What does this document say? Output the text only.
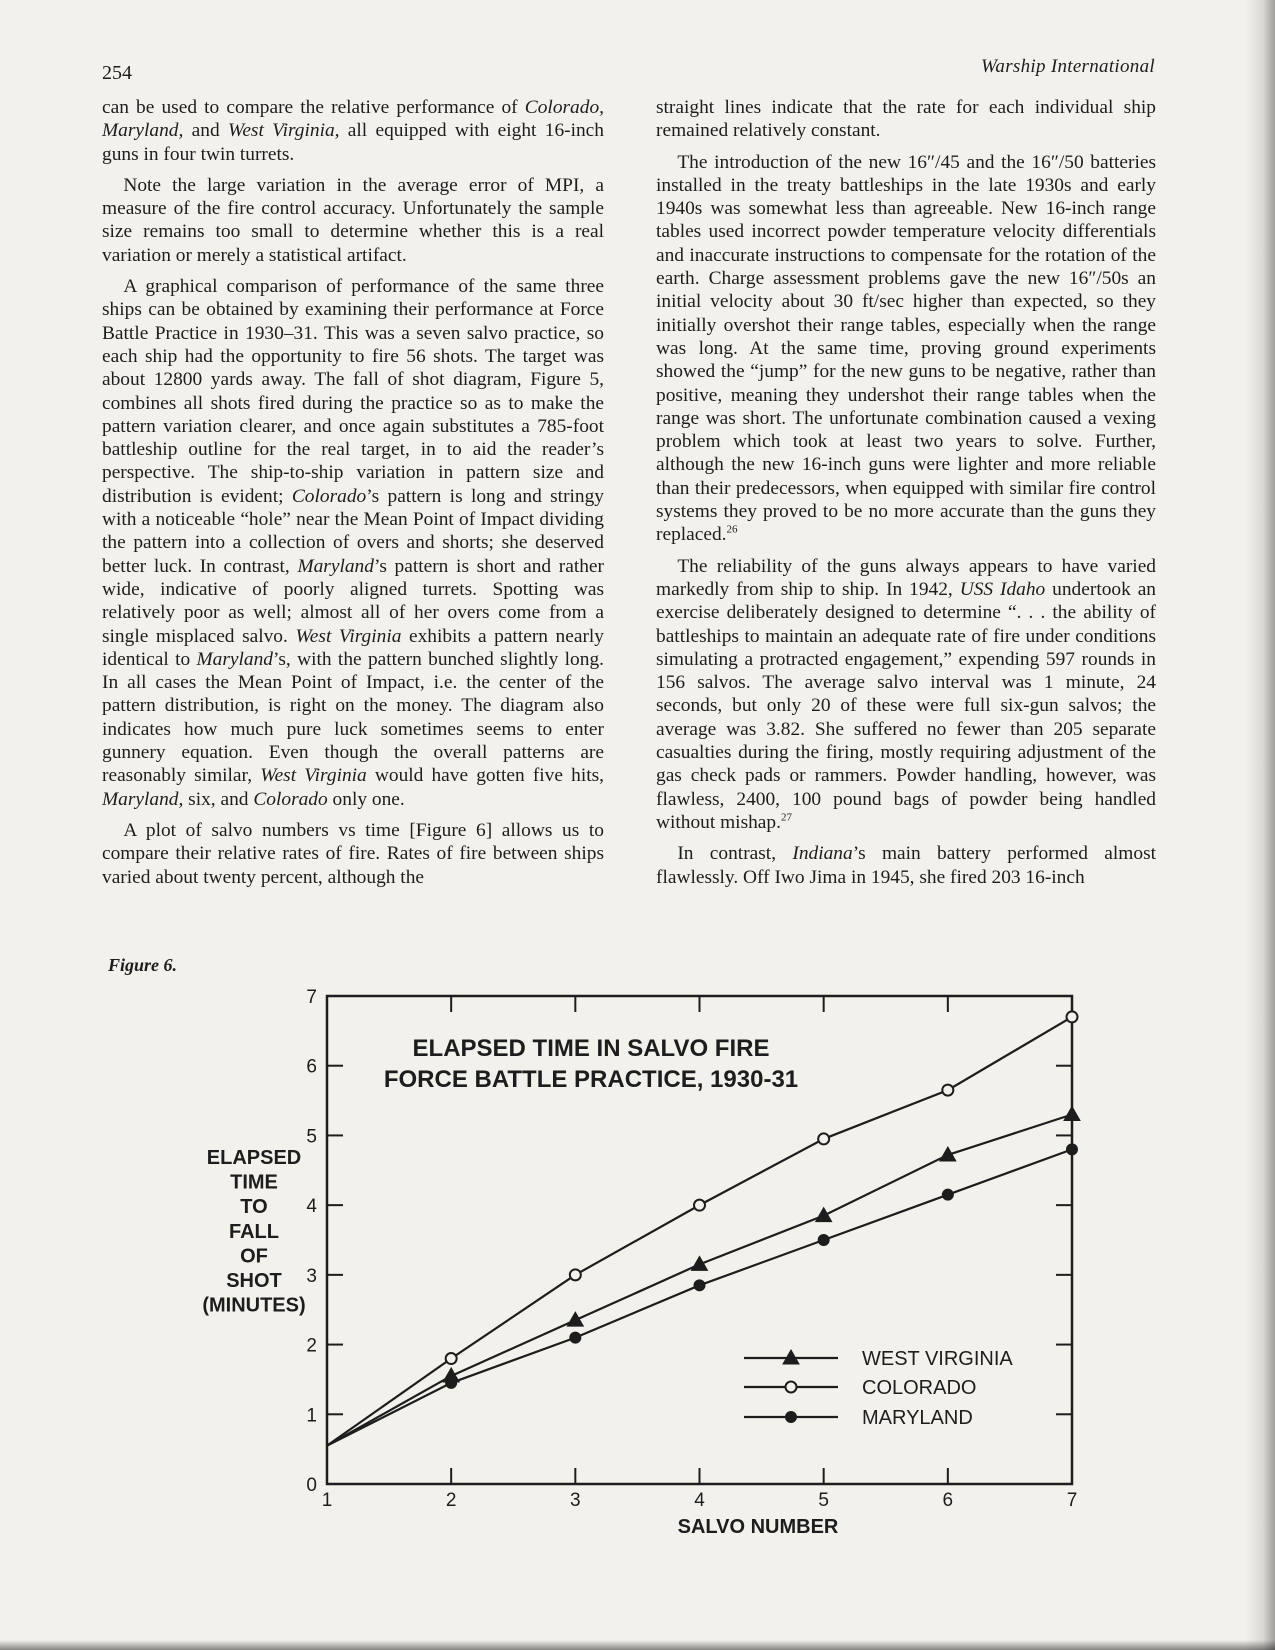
254	Warship International

can be used to compare the relative performance of Colorado, Maryland, and West Virginia, all equipped with eight 16-inch guns in four twin turrets.

Note the large variation in the average error of MPI, a measure of the fire control accuracy. Unfortunately the sample size remains too small to determine whether this is a real variation or merely a statistical artifact.

A graphical comparison of performance of the same three ships can be obtained by examining their performance at Force Battle Practice in 1930–31. This was a seven salvo practice, so each ship had the opportunity to fire 56 shots. The target was about 12800 yards away. The fall of shot diagram, Figure 5, combines all shots fired during the practice so as to make the pattern variation clearer, and once again substitutes a 785-foot battleship outline for the real target, in to aid the reader’s perspective. The ship-to-ship variation in pattern size and distribution is evident; Colorado’s pattern is long and stringy with a noticeable “hole” near the Mean Point of Impact dividing the pattern into a collection of overs and shorts; she deserved better luck. In contrast, Maryland’s pattern is short and rather wide, indicative of poorly aligned turrets. Spotting was relatively poor as well; almost all of her overs come from a single misplaced salvo. West Virginia exhibits a pattern nearly identical to Maryland’s, with the pattern bunched slightly long. In all cases the Mean Point of Impact, i.e. the center of the pattern distribution, is right on the money. The diagram also indicates how much pure luck sometimes seems to enter gunnery equation. Even though the overall patterns are reasonably similar, West Virginia would have gotten five hits, Maryland, six, and Colorado only one.

A plot of salvo numbers vs time [Figure 6] allows us to compare their relative rates of fire. Rates of fire between ships varied about twenty percent, although the

straight lines indicate that the rate for each individual ship remained relatively constant.

The introduction of the new 16″/45 and the 16″/50 batteries installed in the treaty battleships in the late 1930s and early 1940s was somewhat less than agreeable. New 16-inch range tables used incorrect powder temperature velocity differentials and inaccurate instructions to compensate for the rotation of the earth. Charge assessment problems gave the new 16″/50s an initial velocity about 30 ft/sec higher than expected, so they initially overshot their range tables, especially when the range was long. At the same time, proving ground experiments showed the “jump” for the new guns to be negative, rather than positive, meaning they undershot their range tables when the range was short. The unfortunate combination caused a vexing problem which took at least two years to solve. Further, although the new 16-inch guns were lighter and more reliable than their predecessors, when equipped with similar fire control systems they proved to be no more accurate than the guns they replaced.$^{26}$

The reliability of the guns always appears to have varied markedly from ship to ship. In 1942, USS Idaho undertook an exercise deliberately designed to determine “. . . the ability of battleships to maintain an adequate rate of fire under conditions simulating a protracted engagement,” expending 597 rounds in 156 salvos. The average salvo interval was 1 minute, 24 seconds, but only 20 of these were full six-gun salvos; the average was 3.82. She suffered no fewer than 205 separate casualties during the firing, mostly requiring adjustment of the gas check pads or rammers. Powder handling, however, was flawless, 2400, 100 pound bags of powder being handled without mishap.$^{27}$

In contrast, Indiana’s main battery performed almost flawlessly. Off Iwo Jima in 1945, she fired 203 16-inch

Figure 6.
0
1
2
3
4
5
6
7
1	2	3	4	5	6	7
ELAPSED TIME IN SALVO FIRE
FORCE BATTLE PRACTICE, 1930-31
SALVO NUMBER
ELAPSED
TIME
TO
FALL
OF
SHOT
(MINUTES)
WEST VIRGINIA
COLORADO
MARYLAND
